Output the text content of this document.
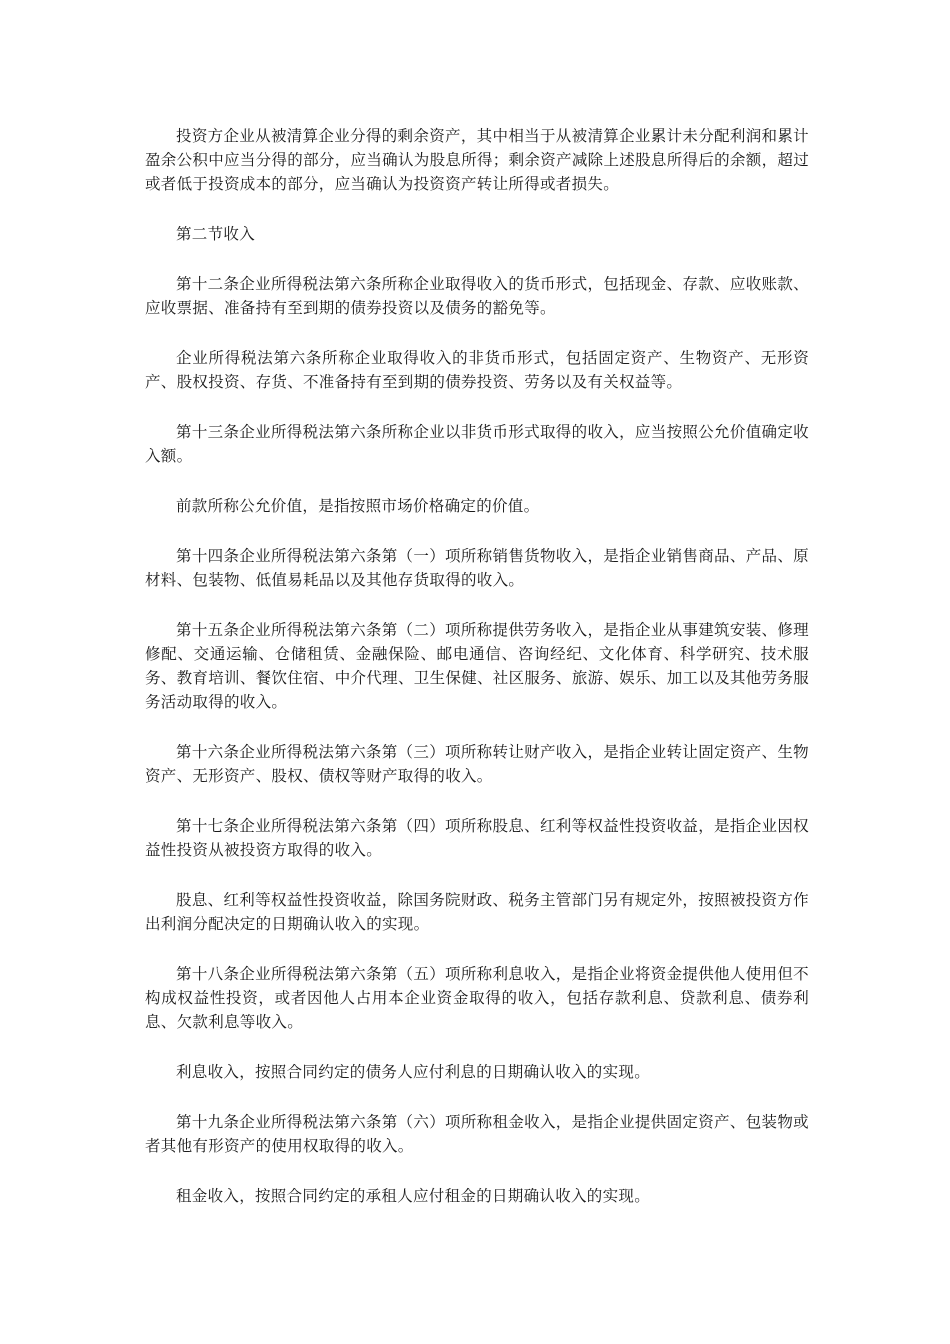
投资方企业从被清算企业分得的剩余资产，其中相当于从被清算企业累计未分配利润和累计盈余公积中应当分得的部分，应当确认为股息所得；剩余资产减除上述股息所得后的余额，超过或者低于投资成本的部分，应当确认为投资资产转让所得或者损失。

第二节收入

第十二条企业所得税法第六条所称企业取得收入的货币形式，包括现金、存款、应收账款、应收票据、准备持有至到期的债券投资以及债务的豁免等。

企业所得税法第六条所称企业取得收入的非货币形式，包括固定资产、生物资产、无形资产、股权投资、存货、不准备持有至到期的债券投资、劳务以及有关权益等。

第十三条企业所得税法第六条所称企业以非货币形式取得的收入，应当按照公允价值确定收入额。

前款所称公允价值，是指按照市场价格确定的价值。

第十四条企业所得税法第六条第（一）项所称销售货物收入，是指企业销售商品、产品、原材料、包装物、低值易耗品以及其他存货取得的收入。

第十五条企业所得税法第六条第（二）项所称提供劳务收入，是指企业从事建筑安装、修理修配、交通运输、仓储租赁、金融保险、邮电通信、咨询经纪、文化体育、科学研究、技术服务、教育培训、餐饮住宿、中介代理、卫生保健、社区服务、旅游、娱乐、加工以及其他劳务服务活动取得的收入。

第十六条企业所得税法第六条第（三）项所称转让财产收入，是指企业转让固定资产、生物资产、无形资产、股权、债权等财产取得的收入。

第十七条企业所得税法第六条第（四）项所称股息、红利等权益性投资收益，是指企业因权益性投资从被投资方取得的收入。

股息、红利等权益性投资收益，除国务院财政、税务主管部门另有规定外，按照被投资方作出利润分配决定的日期确认收入的实现。

第十八条企业所得税法第六条第（五）项所称利息收入，是指企业将资金提供他人使用但不构成权益性投资，或者因他人占用本企业资金取得的收入，包括存款利息、贷款利息、债券利息、欠款利息等收入。

利息收入，按照合同约定的债务人应付利息的日期确认收入的实现。

第十九条企业所得税法第六条第（六）项所称租金收入，是指企业提供固定资产、包装物或者其他有形资产的使用权取得的收入。

租金收入，按照合同约定的承租人应付租金的日期确认收入的实现。
